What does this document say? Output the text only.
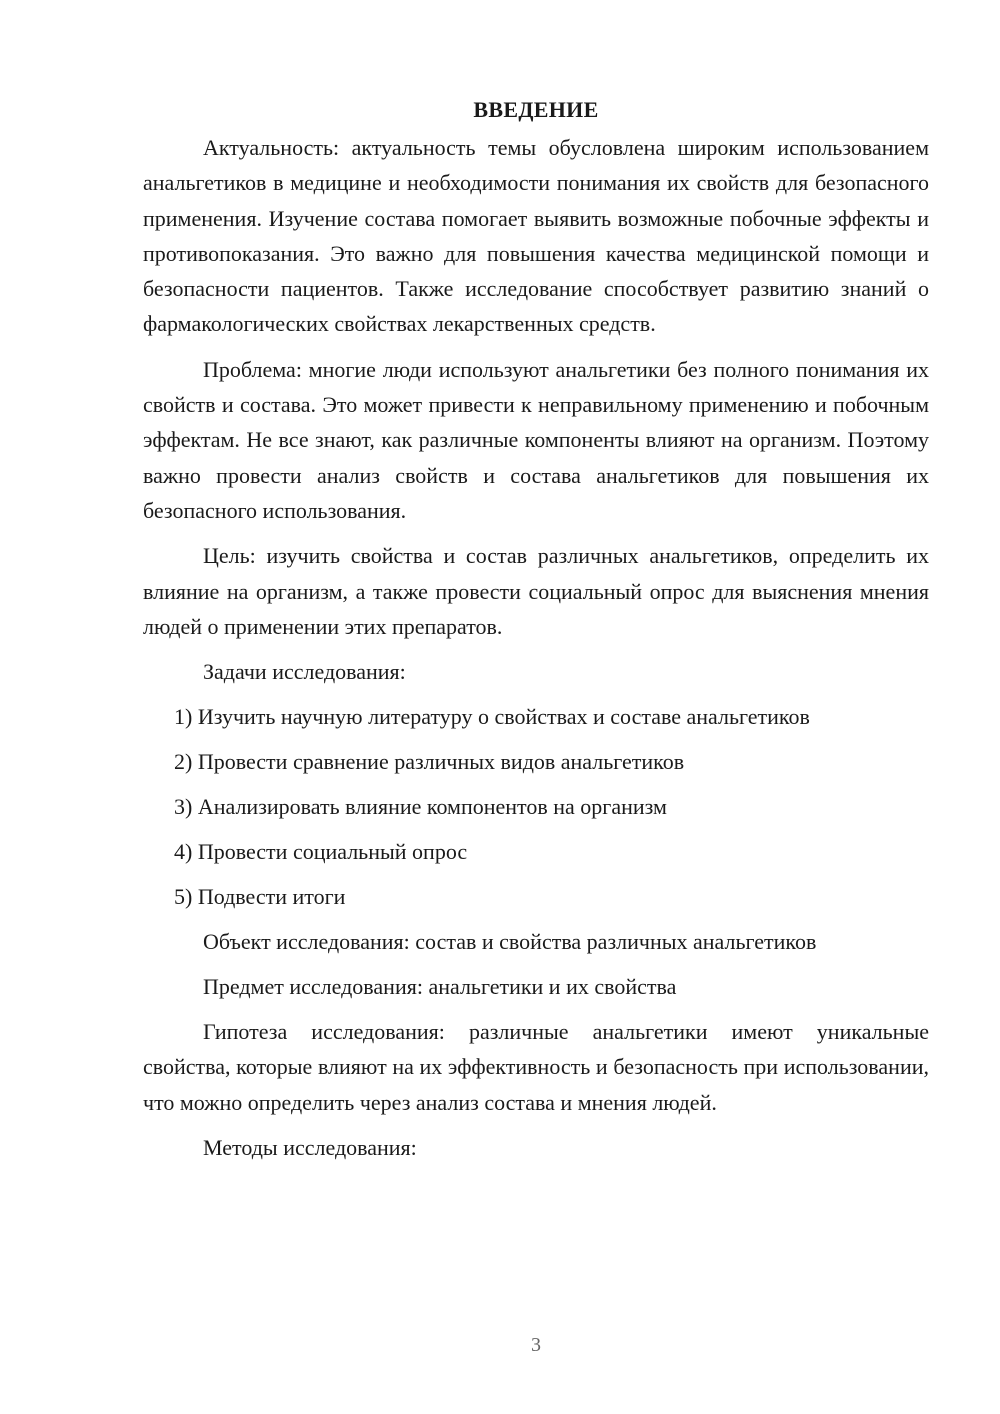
ВВЕДЕНИЕ

Актуальность: актуальность темы обусловлена широким использованием анальгетиков в медицине и необходимости понимания их свойств для безопасного применения. Изучение состава помогает выявить возможные побочные эффекты и противопоказания. Это важно для повышения качества медицинской помощи и безопасности пациентов. Также исследование способствует развитию знаний о фармакологических свойствах лекарственных средств.

Проблема: многие люди используют анальгетики без полного понимания их свойств и состава. Это может привести к неправильному применению и побочным эффектам. Не все знают, как различные компоненты влияют на организм. Поэтому важно провести анализ свойств и состава анальгетиков для повышения их безопасного использования.

Цель: изучить свойства и состав различных анальгетиков, определить их влияние на организм, а также провести социальный опрос для выяснения мнения людей о применении этих препаратов.

Задачи исследования:
1) Изучить научную литературу о свойствах и составе анальгетиков
2) Провести сравнение различных видов анальгетиков
3) Анализировать влияние компонентов на организм
4) Провести социальный опрос
5) Подвести итоги
Объект исследования: состав и свойства различных анальгетиков
Предмет исследования: анальгетики и их свойства

Гипотеза исследования: различные анальгетики имеют уникальные свойства, которые влияют на их эффективность и безопасность при использовании, что можно определить через анализ состава и мнения людей.

Методы исследования:
3
